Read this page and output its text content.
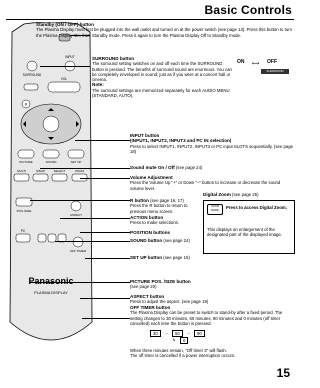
Basic Controls
SURROUND
INPUT
VOL
R
PICTURE	SOUND	SET UP
MULTI	SWAP	SELECT	ZOOM
POS./SIZE
ASPECT
PC
OFF TIMER
Panasonic
PLASMA DISPLAY
Standby (ON / OFF) button
The Plasma Display must first be plugged into the wall outlet and turned on at the power switch (see page 13). Press this button to turn the Plasma Display On, from Standby mode. Press it again to turn the Plasma Display Off to Standby mode.
SURROUND button
The surround setting switches on and off each time the SURROUND button is pressed. The benefits of surround sound are enormous. You can be completely enveloped in sound; just as if you were at a concert hall or cinema.
Note:
The surround settings are memorized separately for each AUDIO MENU (STANDARD, AUTO).
ON ⟷ OFF
SURROUND
INPUT button
(INPUT1, INPUT2, INPUT3 and PC IN selection)
Press to select INPUT1, INPUT2, INPUT3 or PC input SLOTS sequentially. (see page 18)
Sound mute On / Off (see page 24)
Volume Adjustment
Press the Volume Up "+" or Down "–" button to increase or decrease the sound volume level.
R button (see page 16, 17)
Press the R button to return to previous menu screen.
ACTION button
Press to make selections.
POSITION buttons
SOUND button (see page 24)
SET UP button (see page 16)
Digital Zoom (see page 25)
ZOOM MODE
Press to access Digital Zoom.
This displays an enlargement of the designated part of the displayed image.
PICTURE POS. /SIZE button
(see page 20)
ASPECT button
Press to adjust the aspect. (see page 19)
OFF TIMER button
The Plasma Display can be preset to switch to stand-by after a fixed period. The setting changes to 30 minutes, 60 minutes, 90 minutes and 0 minutes (off timer cancelled) each time the button is pressed.
30	→	60	→	90
↳	0
When three minutes remain, "Off timer 3" will flash.
The off timer is cancelled if a power interruption occurs.
15
